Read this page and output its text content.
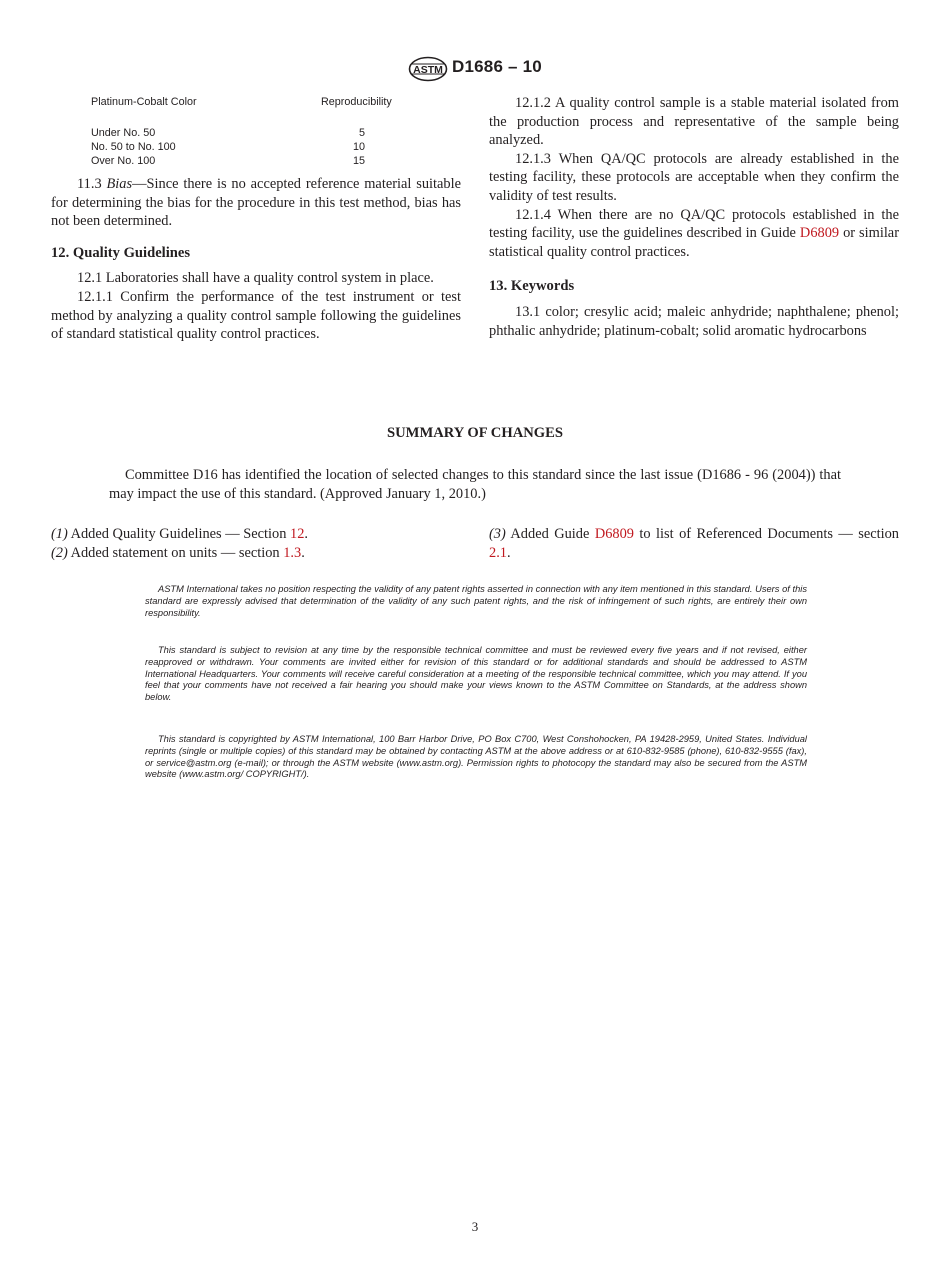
ASTM D1686 – 10
Platinum-Cobalt Color	Reproducibility
Under No. 50	5
No. 50 to No. 100	10
Over No. 100	15

11.3 Bias—Since there is no accepted reference material suitable for determining the bias for the procedure in this test method, bias has not been determined.

12. Quality Guidelines

12.1 Laboratories shall have a quality control system in place.

12.1.1 Confirm the performance of the test instrument or test method by analyzing a quality control sample following the guidelines of standard statistical quality control practices.

12.1.2 A quality control sample is a stable material isolated from the production process and representative of the sample being analyzed.

12.1.3 When QA/QC protocols are already established in the testing facility, these protocols are acceptable when they confirm the validity of test results.

12.1.4 When there are no QA/QC protocols established in the testing facility, use the guidelines described in Guide D6809 or similar statistical quality control practices.

13. Keywords

13.1 color; cresylic acid; maleic anhydride; naphthalene; phenol; phthalic anhydride; platinum-cobalt; solid aromatic hydrocarbons

SUMMARY OF CHANGES

Committee D16 has identified the location of selected changes to this standard since the last issue (D1686 - 96 (2004)) that may impact the use of this standard. (Approved January 1, 2010.)

(1) Added Quality Guidelines — Section 12.

(2) Added statement on units — section 1.3.

(3) Added Guide D6809 to list of Referenced Documents — section 2.1.

ASTM International takes no position respecting the validity of any patent rights asserted in connection with any item mentioned in this standard. Users of this standard are expressly advised that determination of the validity of any such patent rights, and the risk of infringement of such rights, are entirely their own responsibility.

This standard is subject to revision at any time by the responsible technical committee and must be reviewed every five years and if not revised, either reapproved or withdrawn. Your comments are invited either for revision of this standard or for additional standards and should be addressed to ASTM International Headquarters. Your comments will receive careful consideration at a meeting of the responsible technical committee, which you may attend. If you feel that your comments have not received a fair hearing you should make your views known to the ASTM Committee on Standards, at the address shown below.

This standard is copyrighted by ASTM International, 100 Barr Harbor Drive, PO Box C700, West Conshohocken, PA 19428-2959, United States. Individual reprints (single or multiple copies) of this standard may be obtained by contacting ASTM at the above address or at 610-832-9585 (phone), 610-832-9555 (fax), or service@astm.org (e-mail); or through the ASTM website (www.astm.org). Permission rights to photocopy the standard may also be secured from the ASTM website (www.astm.org/ COPYRIGHT/).

3
